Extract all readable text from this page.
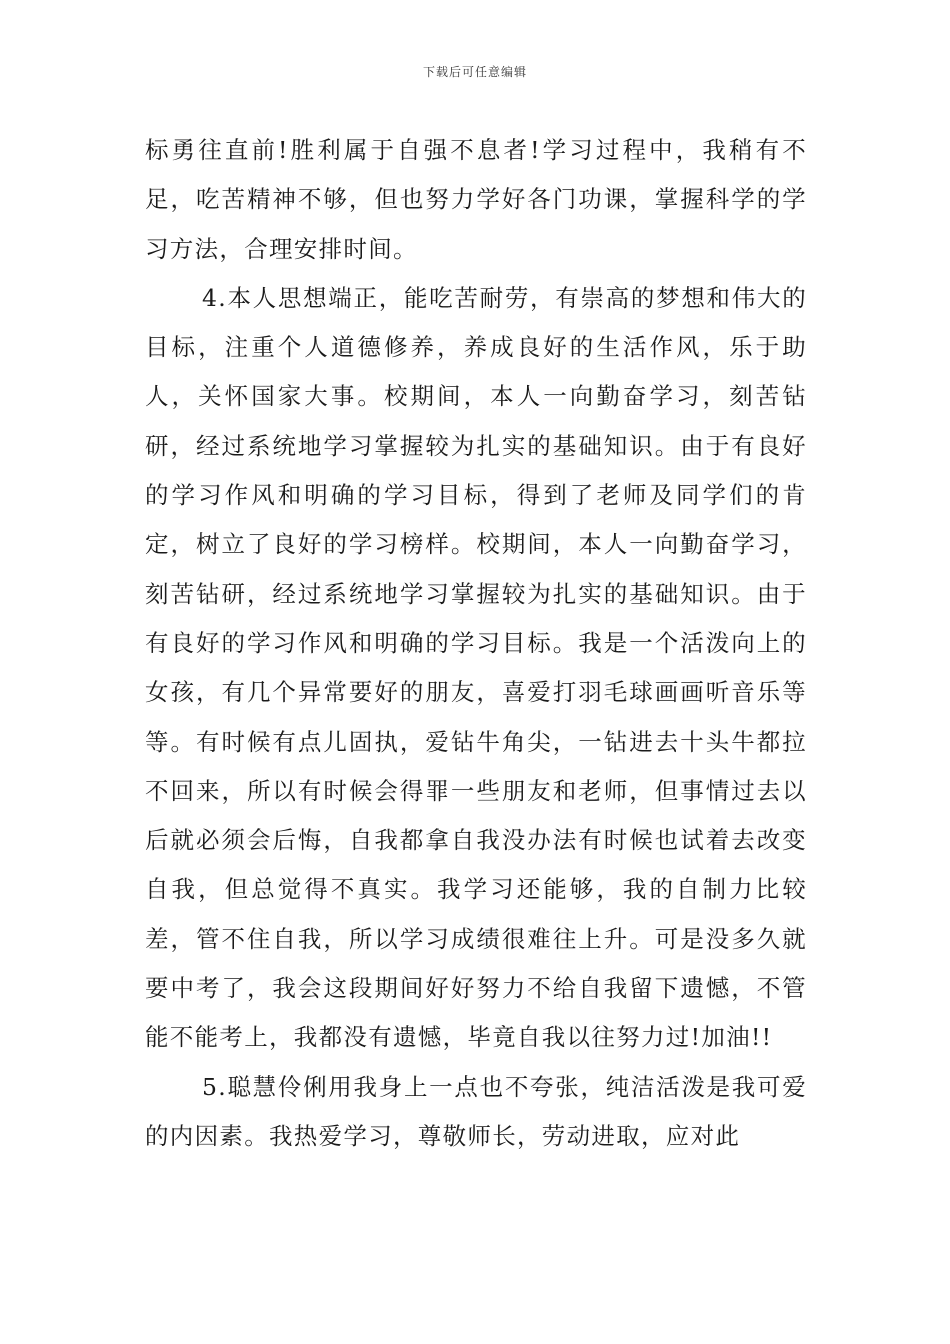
下载后可任意编辑

标勇往直前!胜利属于自强不息者!学习过程中，我稍有不足，吃苦精神不够，但也努力学好各门功课，掌握科学的学习方法，合理安排时间。

4.本人思想端正，能吃苦耐劳，有崇高的梦想和伟大的目标，注重个人道德修养，养成良好的生活作风，乐于助人，关怀国家大事。校期间，本人一向勤奋学习，刻苦钻研，经过系统地学习掌握较为扎实的基础知识。由于有良好的学习作风和明确的学习目标，得到了老师及同学们的肯定，树立了良好的学习榜样。校期间，本人一向勤奋学习，刻苦钻研，经过系统地学习掌握较为扎实的基础知识。由于有良好的学习作风和明确的学习目标。我是一个活泼向上的女孩，有几个异常要好的朋友，喜爱打羽毛球画画听音乐等等。有时候有点儿固执，爱钻牛角尖，一钻进去十头牛都拉不回来，所以有时候会得罪一些朋友和老师，但事情过去以后就必须会后悔，自我都拿自我没办法有时候也试着去改变自我，但总觉得不真实。我学习还能够，我的自制力比较差，管不住自我，所以学习成绩很难往上升。可是没多久就要中考了，我会这段期间好好努力不给自我留下遗憾，不管能不能考上，我都没有遗憾，毕竟自我以往努力过!加油!!

5.聪慧伶俐用我身上一点也不夸张，纯洁活泼是我可爱的内因素。我热爱学习，尊敬师长，劳动进取，应对此
